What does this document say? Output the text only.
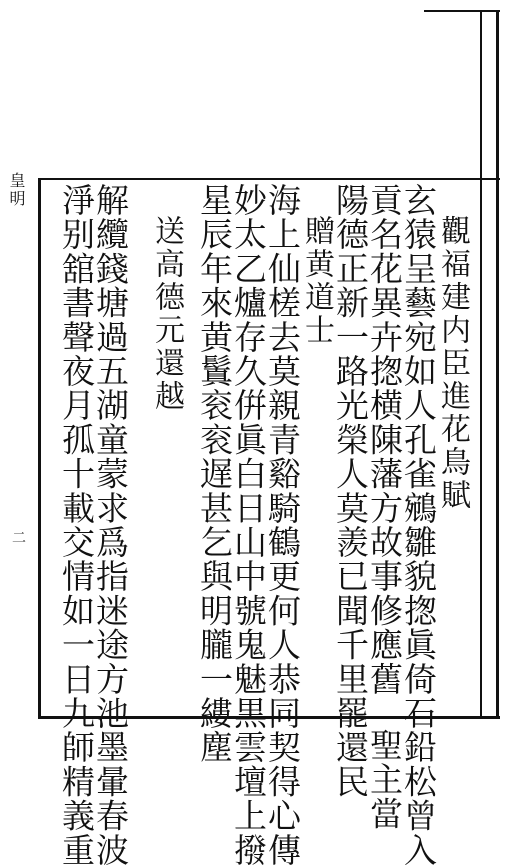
皇明
二
觀福建内臣進花鳥賦
玄猿呈藝宛如人孔雀鵷雛貌揔眞倚石鉛松曾入
貢名花異卉揔横陳藩方故事修應舊聖主當
陽德正新一路光榮人莫羨已聞千里罷還民
贈黄道士
海上仙槎去莫親青谿騎鶴更何人恭同契得心傳
妙太乙爐存久倂眞白日山中號鬼魅黒雲壇上撥
星辰年來黄鬒衮衮遅甚乞與明朧一縷塵
送高德元還越
解纜錢塘過五湖童蒙求爲指迷途方池墨暈春波
淨别舘書聲夜月孤十載交情如一日九師精義重
